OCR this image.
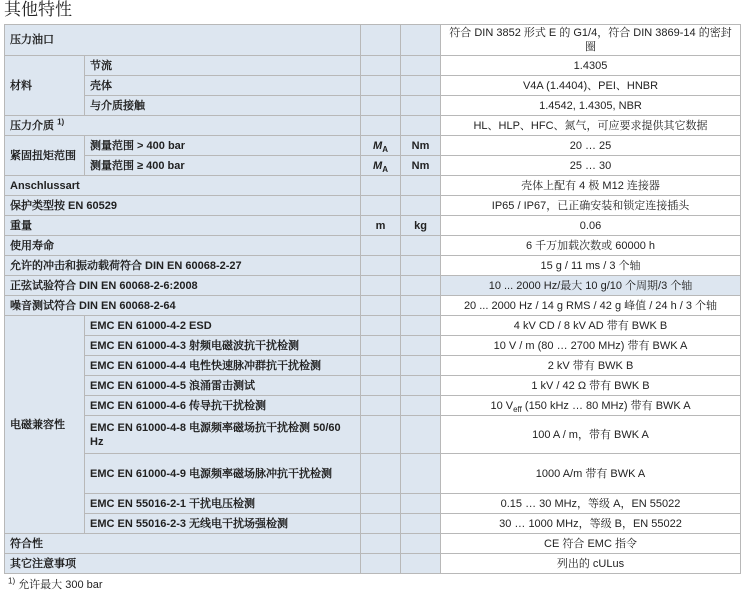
其他特性
压力油口				符合 DIN 3852 形式 E 的 G1/4，符合 DIN 3869-14 的密封圈
材料	节流			1.4305
	壳体			V4A (1.4404)、PEI、HNBR
	与介质接触			1.4542, 1.4305, NBR
压力介质 $^{1)}$				HL、HLP、HFC、氮气，可应要求提供其它数据
紧固扭矩范围	测量范围 > 400 bar	$M_A$	Nm	20 … 25
	测量范围 ≥ 400 bar	$M_A$	Nm	25 … 30
Anschlussart				壳体上配有 4 极 M12 连接器
保护类型按 EN 60529				IP65 / IP67，已正确安装和锁定连接插头
重量		m	kg	0.06
使用寿命				6 千万加载次数或 60000 h
允许的冲击和振动载荷符合 DIN EN 60068-2-27				15 g / 11 ms / 3 个轴
正弦试验符合 DIN EN 60068-2-6:2008				10 ... 2000 Hz/最大 10 g/10 个周期/3 个轴
噪音测试符合 DIN EN 60068-2-64				20 ... 2000 Hz / 14 g RMS / 42 g 峰值 / 24 h / 3 个轴
电磁兼容性	EMC EN 61000-4-2 ESD			4 kV CD / 8 kV AD 带有 BWK B
	EMC EN 61000-4-3 射频电磁波抗干扰检测			10 V / m (80 … 2700 MHz) 带有 BWK A
	EMC EN 61000-4-4 电性快速脉冲群抗干扰检测			2 kV 带有 BWK B
	EMC EN 61000-4-5 浪涌雷击测试			1 kV / 42 Ω 带有 BWK B
	EMC EN 61000-4-6 传导抗干扰检测			10 $V_{eff}$ (150 kHz … 80 MHz) 带有 BWK A
	EMC EN 61000-4-8 电源频率磁场抗干扰检测 50/60 Hz			100 A / m，带有 BWK A
	EMC EN 61000-4-9 电源频率磁场脉冲抗干扰检测			1000 A/m 带有 BWK A
	EMC EN 55016-2-1 干扰电压检测			0.15 … 30 MHz，等级 A，EN 55022
	EMC EN 55016-2-3 无线电干扰场强检测			30 … 1000 MHz，等级 B，EN 55022
符合性				CE 符合 EMC 指令
其它注意事项				列出的 cULus
$^{1)}$ 允许最大 300 bar
